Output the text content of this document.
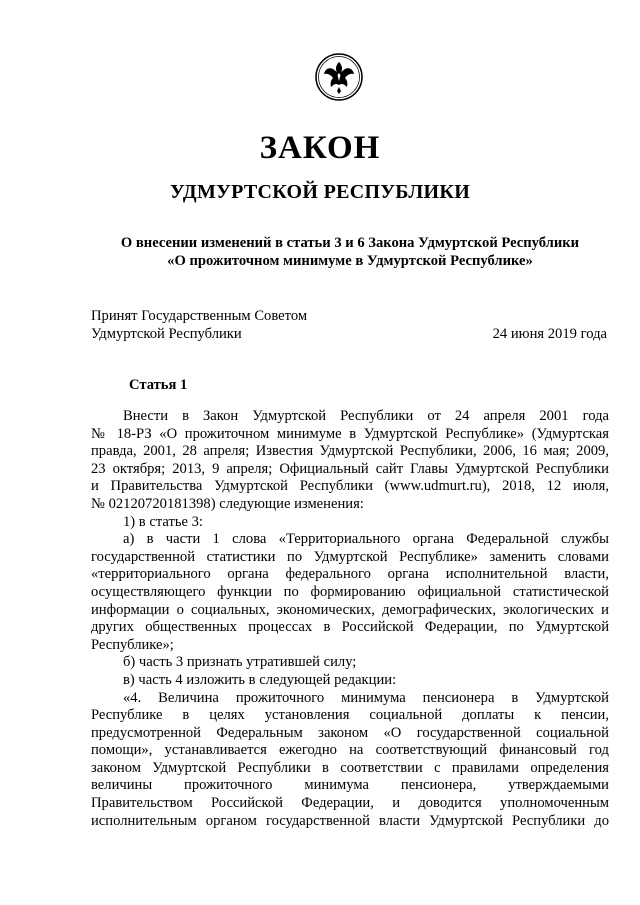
ЗАКОН
УДМУРТСКОЙ РЕСПУБЛИКИ
О внесении изменений в статьи 3 и 6 Закона Удмуртской Республики
«О прожиточном минимуме в Удмуртской Республике»
Принят Государственным Советом
Удмуртской Республики	24 июня 2019 года
Статья 1
Внести в Закон Удмуртской Республики от 24 апреля 2001 года
№ 18-РЗ «О прожиточном минимуме в Удмуртской Республике» (Удмуртская
правда, 2001, 28 апреля; Известия Удмуртской Республики, 2006, 16 мая; 2009,
23 октября; 2013, 9 апреля; Официальный сайт Главы Удмуртской Республики
и Правительства Удмуртской Республики (www.udmurt.ru), 2018, 12 июля,
№ 02120720181398) следующие изменения:
1) в статье 3:
а) в части 1 слова «Территориального органа Федеральной службы
государственной статистики по Удмуртской Республике» заменить словами
«территориального органа федерального органа исполнительной власти,
осуществляющего функции по формированию официальной статистической
информации о социальных, экономических, демографических, экологических и
других общественных процессах в Российской Федерации, по Удмуртской
Республике»;
б) часть 3 признать утратившей силу;
в) часть 4 изложить в следующей редакции:
«4. Величина прожиточного минимума пенсионера в Удмуртской
Республике в целях установления социальной доплаты к пенсии,
предусмотренной Федеральным законом «О государственной социальной
помощи», устанавливается ежегодно на соответствующий финансовый год
законом Удмуртской Республики в соответствии с правилами определения
величины прожиточного минимума пенсионера, утверждаемыми
Правительством Российской Федерации, и доводится уполномоченным
исполнительным органом государственной власти Удмуртской Республики до
